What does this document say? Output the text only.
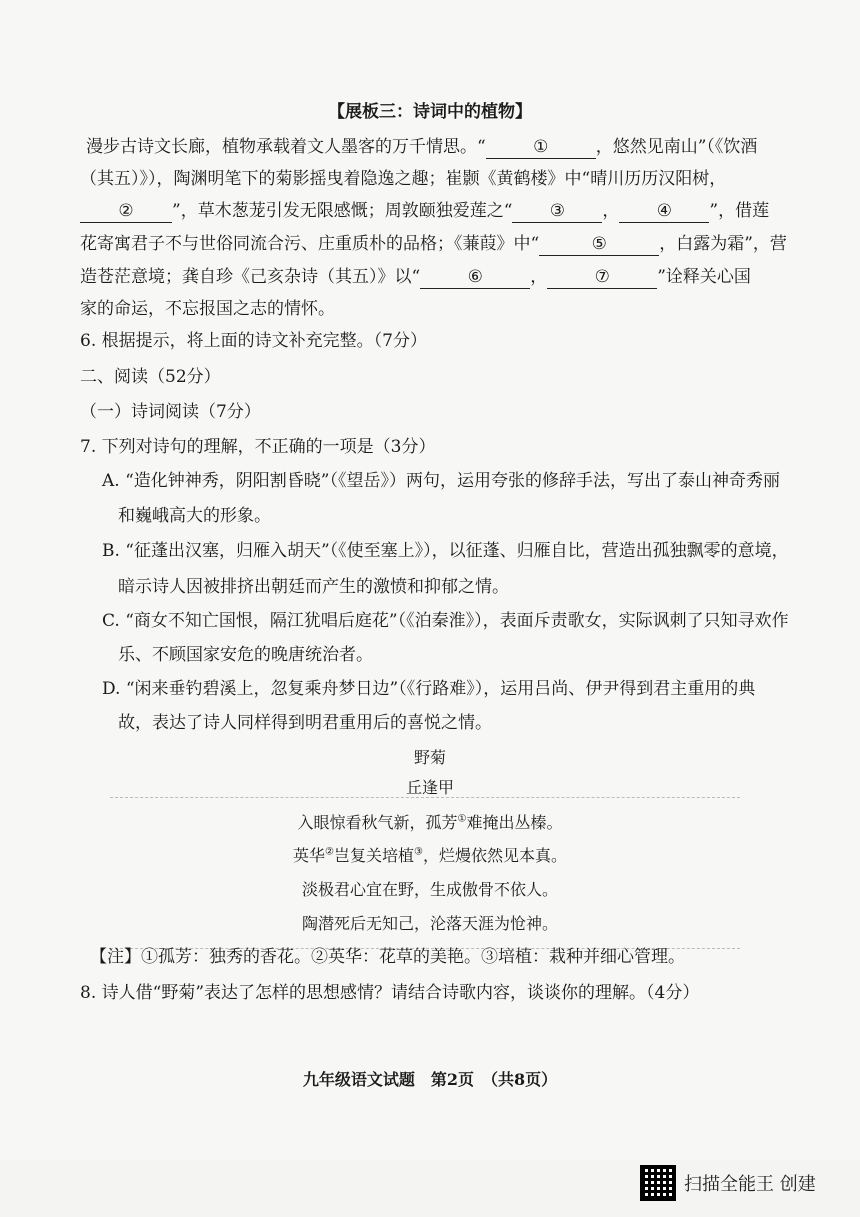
【展板三：诗词中的植物】
漫步古诗文长廊，植物承载着文人墨客的万千情思。“	①	，悠然见南山”（《饮酒
（其五）》），陶渊明笔下的菊影摇曳着隐逸之趣；崔颢《黄鹤楼》中“晴川历历汉阳树，
② ”，草木葱茏引发无限感慨；周敦颐独爱莲之“ ③ ， ④ ”，借莲
花寄寓君子不与世俗同流合污、庄重质朴的品格；《蒹葭》中“	⑤	，白露为霜”，营
造苍茫意境；龚自珍《己亥杂诗（其五）》以“	⑥	，	⑦	”诠释关心国
家的命运，不忘报国之志的情怀。
6. 根据提示，将上面的诗文补充完整。（7分）
二、阅读（52分）
（一）诗词阅读（7分）
7. 下列对诗句的理解，不正确的一项是（3分）
A. “造化钟神秀，阴阳割昏晓”（《望岳》）两句，运用夸张的修辞手法，写出了泰山神奇秀丽
和巍峨高大的形象。
B. “征蓬出汉塞，归雁入胡天”（《使至塞上》），以征蓬、归雁自比，营造出孤独飘零的意境，
暗示诗人因被排挤出朝廷而产生的激愤和抑郁之情。
C. “商女不知亡国恨，隔江犹唱后庭花”（《泊秦淮》），表面斥责歌女，实际讽刺了只知寻欢作
乐、不顾国家安危的晚唐统治者。
D. “闲来垂钓碧溪上，忽复乘舟梦日边”（《行路难》），运用吕尚、伊尹得到君主重用的典
故，表达了诗人同样得到明君重用后的喜悦之情。
野菊
丘逢甲
入眼惊看秋气新，孤芳①难掩出丛榛。
英华②岂复关培植③，烂熳依然见本真。
淡极君心宜在野，生成傲骨不依人。
陶潜死后无知己，沦落天涯为怆神。
【注】①孤芳：独秀的香花。②英华：花草的美艳。③培植：栽种并细心管理。
8. 诗人借“野菊”表达了怎样的思想感情？请结合诗歌内容，谈谈你的理解。（4分）
九年级语文试题　第2页　（共8页）
扫描全能王 创建
